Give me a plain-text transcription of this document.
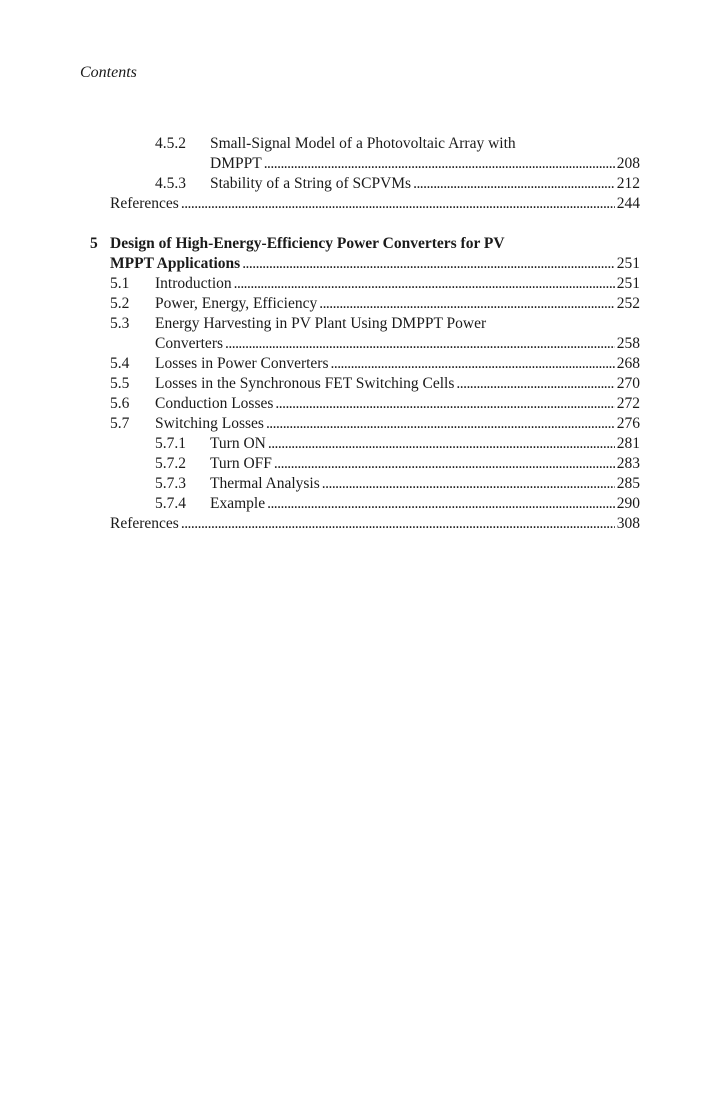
Contents
4.5.2 Small-Signal Model of a Photovoltaic Array with
DMPPT . . .	208
4.5.3 Stability of a String of SCPVMs . . .	212
References . . .	244
5 Design of High-Energy-Efficiency Power Converters for PV
MPPT Applications . . .	251
5.1 Introduction . . .	251
5.2 Power, Energy, Efficiency . . .	252
5.3 Energy Harvesting in PV Plant Using DMPPT Power
Converters . . .	258
5.4 Losses in Power Converters . . .	268
5.5 Losses in the Synchronous FET Switching Cells . . .	270
5.6 Conduction Losses . . .	272
5.7 Switching Losses . . .	276
5.7.1 Turn ON . . .	281
5.7.2 Turn OFF . . .	283
5.7.3 Thermal Analysis . . .	285
5.7.4 Example . . .	290
References . . .	308
